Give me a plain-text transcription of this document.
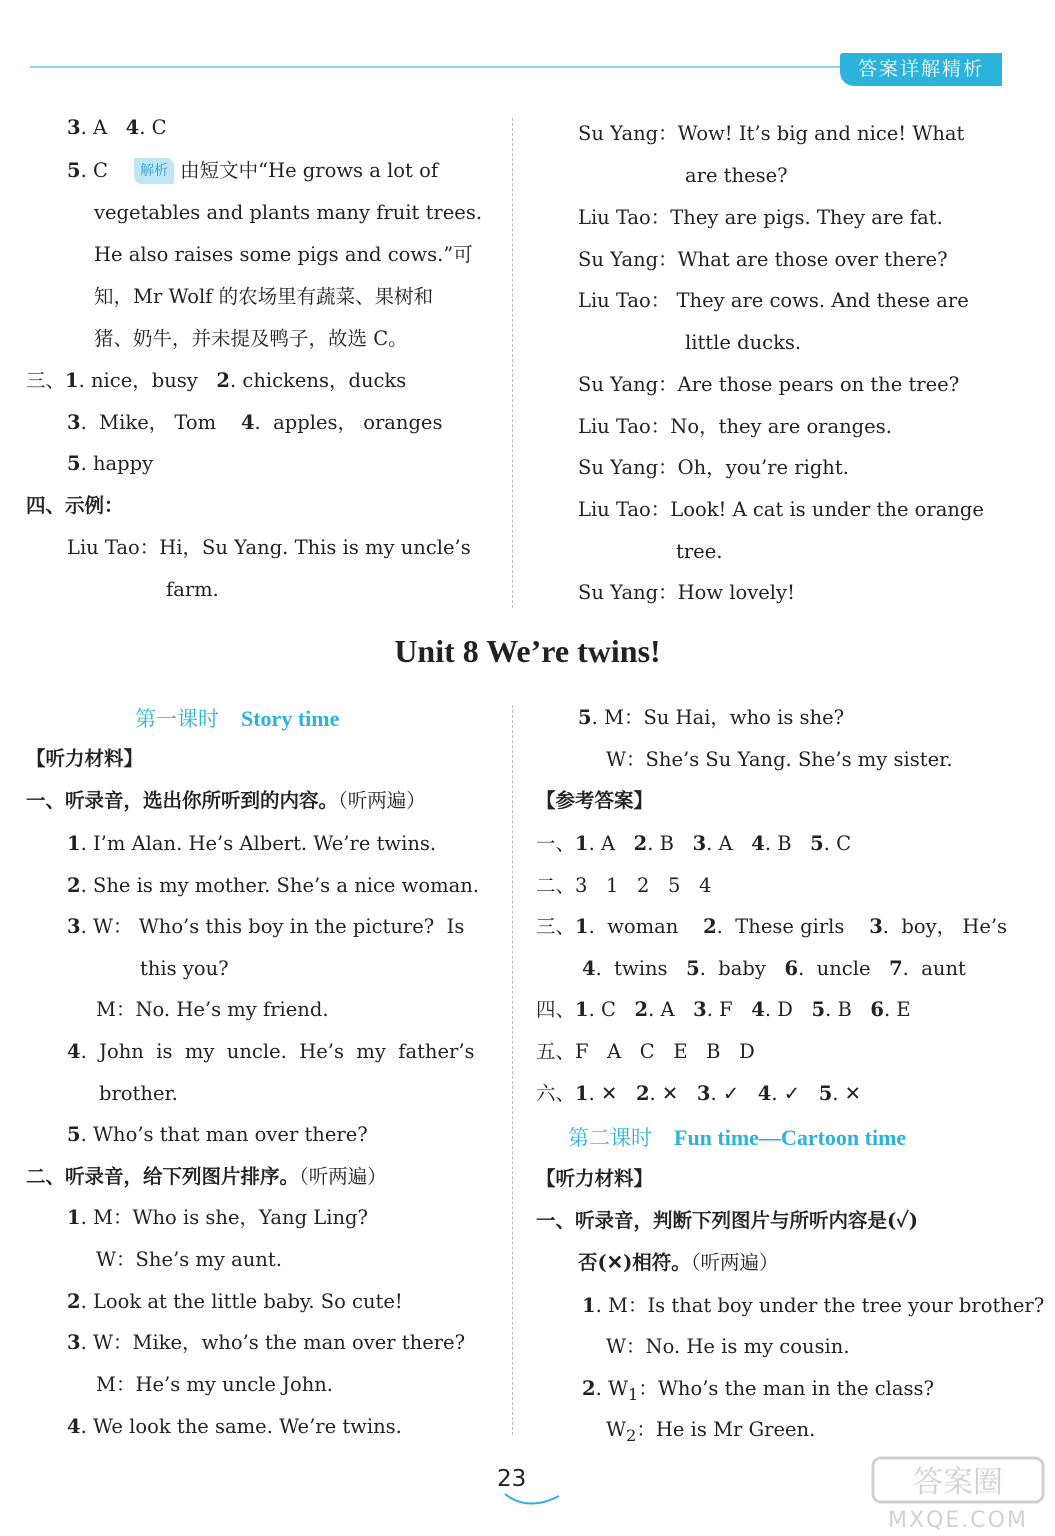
答案详解精析
3. A   4. C
5. C 解析 由短文中“He grows a lot of
vegetables and plants many fruit trees.
He also raises some pigs and cows.”可
知，Mr Wolf 的农场里有蔬菜、果树和
猪、奶牛，并未提及鸭子，故选 C。
三、1. nice，busy   2. chickens，ducks
3.  Mike， Tom    4.  apples， oranges
5. happy
四、示例：
Liu Tao：Hi，Su Yang. This is my uncle’s
farm.
Su Yang：Wow! It’s big and nice! What
are these?
Liu Tao：They are pigs. They are fat.
Su Yang：What are those over there?
Liu Tao： They are cows. And these are
little ducks.
Su Yang：Are those pears on the tree?
Liu Tao：No，they are oranges.
Su Yang：Oh，you’re right.
Liu Tao：Look! A cat is under the orange
tree.
Su Yang：How lovely!
Unit 8 We’re twins!
第一课时 Story time
第二课时 Fun time—Cartoon time
【听力材料】
一、听录音，选出你所听到的内容。（听两遍）
1. I’m Alan. He’s Albert. We’re twins.
2. She is my mother. She’s a nice woman.
3. W： Who’s this boy in the picture?  Is
this you?
M：No. He’s my friend.
4.  John  is  my  uncle.  He’s  my  father’s
brother.
5. Who’s that man over there?
二、听录音，给下列图片排序。（听两遍）
1. M：Who is she，Yang Ling?
W：She’s my aunt.
2. Look at the little baby. So cute!
3. W：Mike，who’s the man over there?
M：He’s my uncle John.
4. We look the same. We’re twins.
5. M：Su Hai，who is she?
W：She’s Su Yang. She’s my sister.
【参考答案】
一、1. A   2. B   3. A   4. B   5. C
二、3   1   2   5   4
三、1.  woman    2.  These girls    3.  boy， He’s
4.  twins   5.  baby   6.  uncle   7.  aunt
四、1. C   2. A   3. F   4. D   5. B   6. E
五、F   A   C   E   B   D
六、1. ✕   2. ✕   3. ✓   4. ✓   5. ✕
【听力材料】
一、听录音，判断下列图片与所听内容是(✓)
否(✕)相符。（听两遍）
1. M：Is that boy under the tree your brother?
W：No. He is my cousin.
2. $W_1$：Who’s the man in the class?
$W_2$：He is Mr Green.
23	答案圈
MXQE.COM
